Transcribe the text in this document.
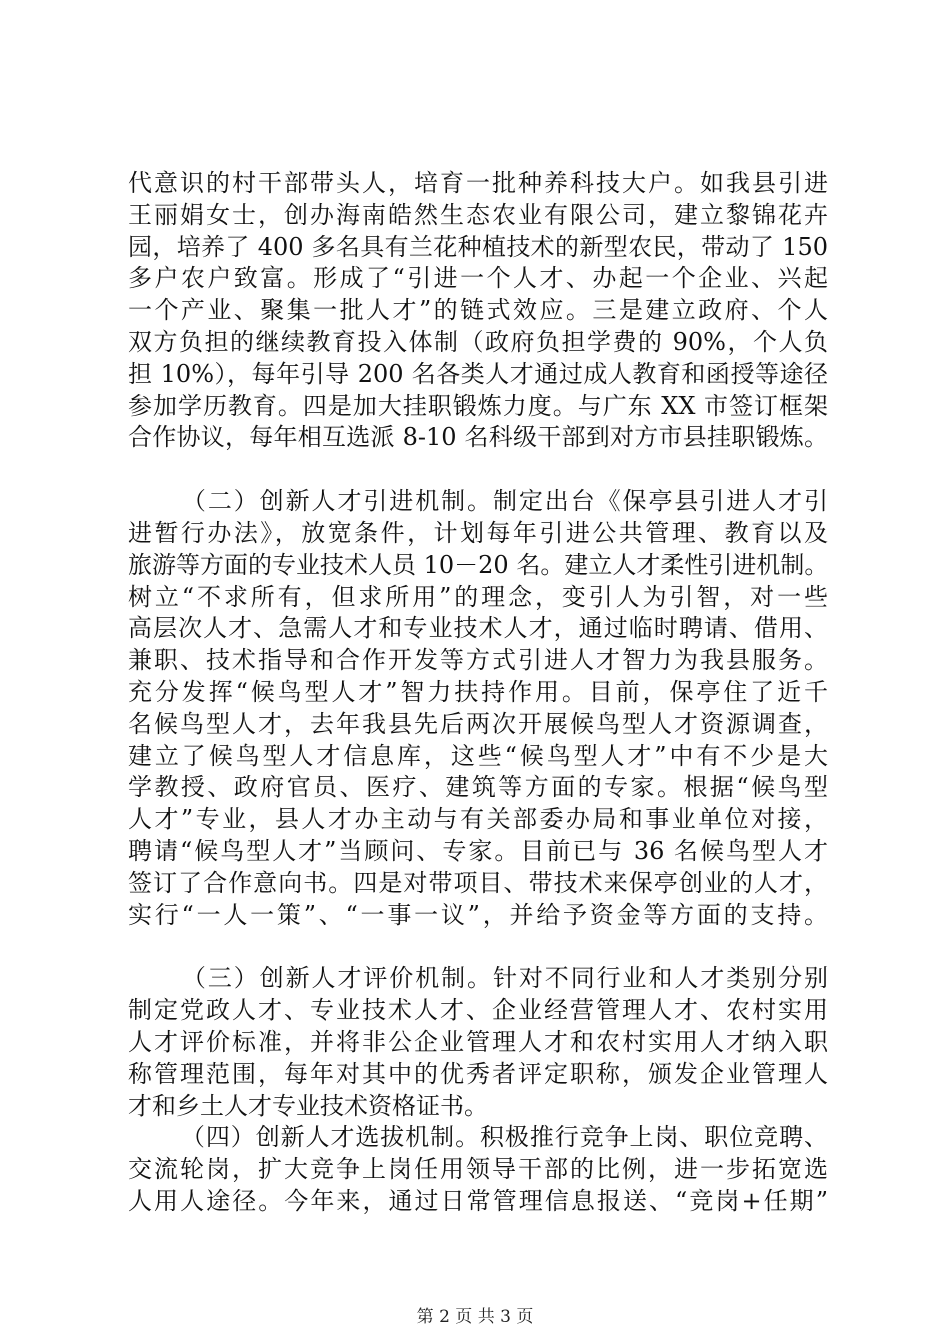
代意识的村干部带头人，培育一批种养科技大户。如我县引进
王丽娟女士，创办海南皓然生态农业有限公司，建立黎锦花卉
园，培养了 400 多名具有兰花种植技术的新型农民，带动了 150
多户农户致富。形成了“引进一个人才、办起一个企业、兴起
一个产业、聚集一批人才”的链式效应。三是建立政府、个人
双方负担的继续教育投入体制（政府负担学费的 90%，个人负
担 10%），每年引导 200 名各类人才通过成人教育和函授等途径
参加学历教育。四是加大挂职锻炼力度。与广东 XX 市签订框架
合作协议，每年相互选派 8-10 名科级干部到对方市县挂职锻炼。

（二）创新人才引进机制。制定出台《保亭县引进人才引
进暂行办法》，放宽条件，计划每年引进公共管理、教育以及
旅游等方面的专业技术人员 10－20 名。建立人才柔性引进机制。
树立“不求所有，但求所用”的理念，变引人为引智，对一些
高层次人才、急需人才和专业技术人才，通过临时聘请、借用、
兼职、技术指导和合作开发等方式引进人才智力为我县服务。
充分发挥“候鸟型人才”智力扶持作用。目前，保亭住了近千
名候鸟型人才，去年我县先后两次开展候鸟型人才资源调查，
建立了候鸟型人才信息库，这些“候鸟型人才”中有不少是大
学教授、政府官员、医疗、建筑等方面的专家。根据“候鸟型
人才”专业，县人才办主动与有关部委办局和事业单位对接，
聘请“候鸟型人才”当顾问、专家。目前已与 36 名候鸟型人才
签订了合作意向书。四是对带项目、带技术来保亭创业的人才，
实行“一人一策”、“一事一议”，并给予资金等方面的支持。

（三）创新人才评价机制。针对不同行业和人才类别分别
制定党政人才、专业技术人才、企业经营管理人才、农村实用
人才评价标准，并将非公企业管理人才和农村实用人才纳入职
称管理范围，每年对其中的优秀者评定职称，颁发企业管理人

才和乡土人才专业技术资格证书。

（四）创新人才选拔机制。积极推行竞争上岗、职位竞聘、
交流轮岗，扩大竞争上岗任用领导干部的比例，进一步拓宽选
人用人途径。今年来，通过日常管理信息报送、“竞岗+任期”

第 2 页 共 3 页
